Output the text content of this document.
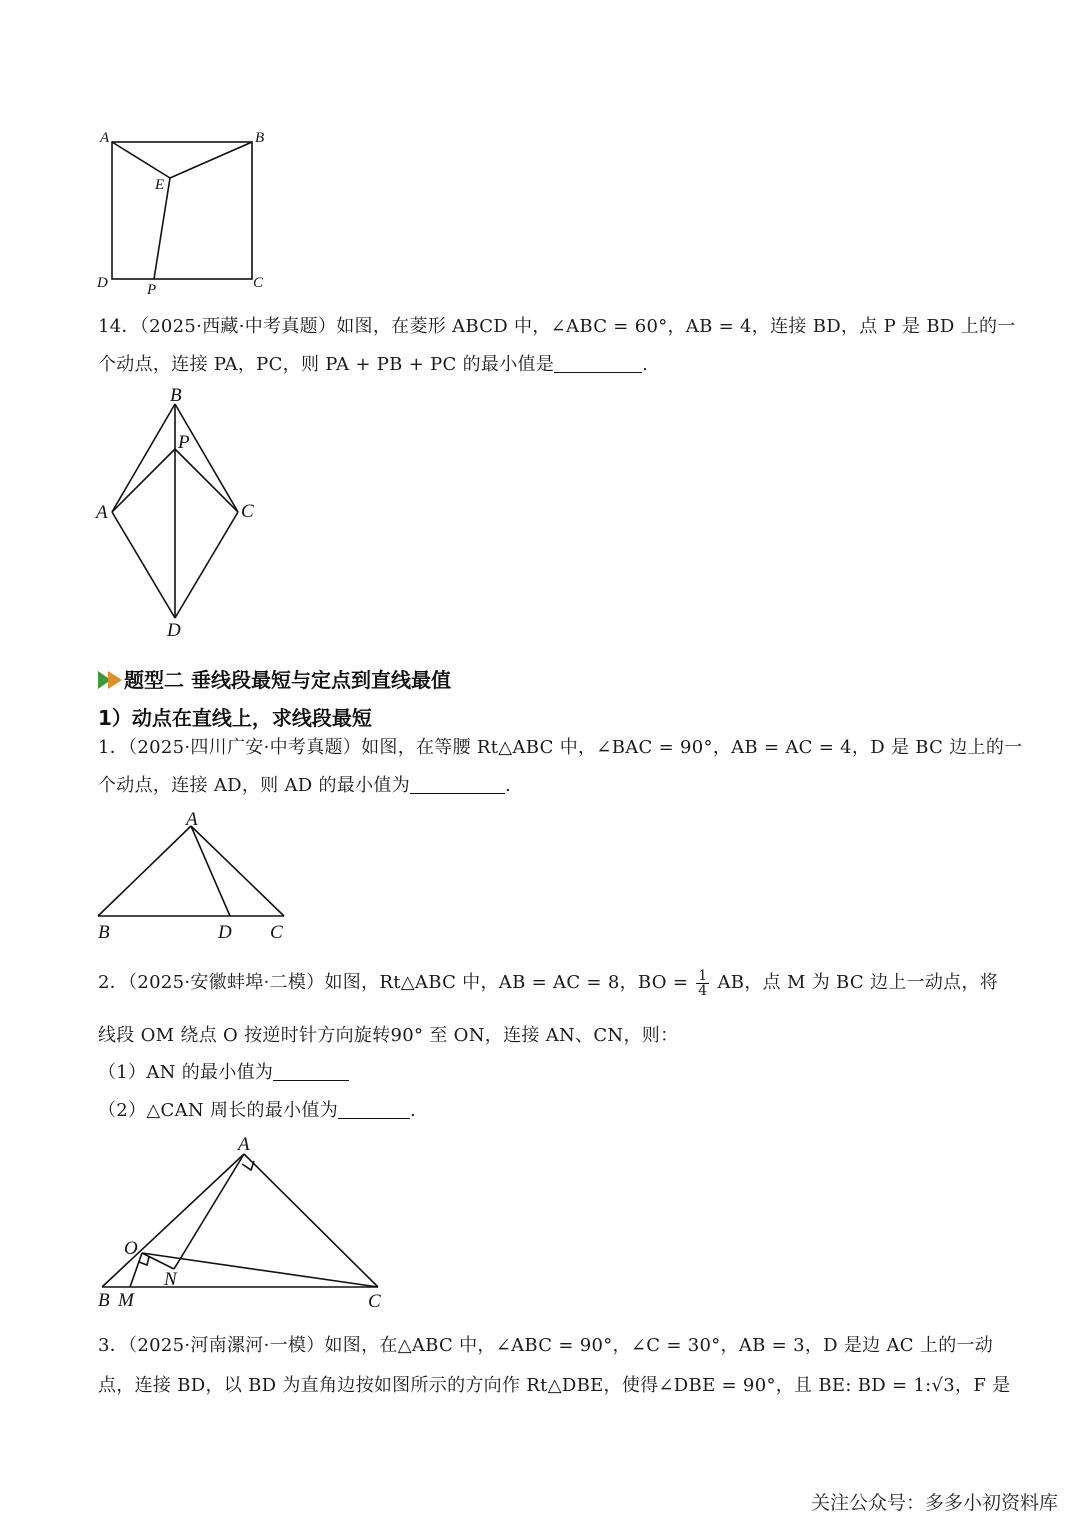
A	B
E
D	P	C
14．（2025·西藏·中考真题）如图，在菱形 ABCD 中，∠ABC = 60°，AB = 4，连接 BD，点 P 是 BD 上的一
个动点，连接 PA，PC，则 PA + PB + PC 的最小值是	.
B
P
A	C
D
题型二 垂线段最短与定点到直线最值
1）动点在直线上，求线段最短
1．（2025·四川广安·中考真题）如图，在等腰 Rt△ABC 中，∠BAC = 90°，AB = AC = 4，D 是 BC 边上的一
个动点，连接 AD，则 AD 的最小值为	.
A
B	D C
2．（2025·安徽蚌埠·二模）如图，Rt△ABC 中，AB = AC = 8，BO = $\frac{1}{4}$ AB，点 M 为 BC 边上一动点，将
线段 OM 绕点 O 按逆时针方向旋转90° 至 ON，连接 AN、CN，则：
（1）AN 的最小值为
（2）△CAN 周长的最小值为	.
A
O
N
B M	C
3．（2025·河南漯河·一模）如图，在△ABC 中，∠ABC = 90°，∠C = 30°，AB = 3，D 是边 AC 上的一动
点，连接 BD，以 BD 为直角边按如图所示的方向作 Rt△DBE，使得∠DBE = 90°，且 BE: BD = 1:√3，F 是
关注公众号：多多小初资料库
